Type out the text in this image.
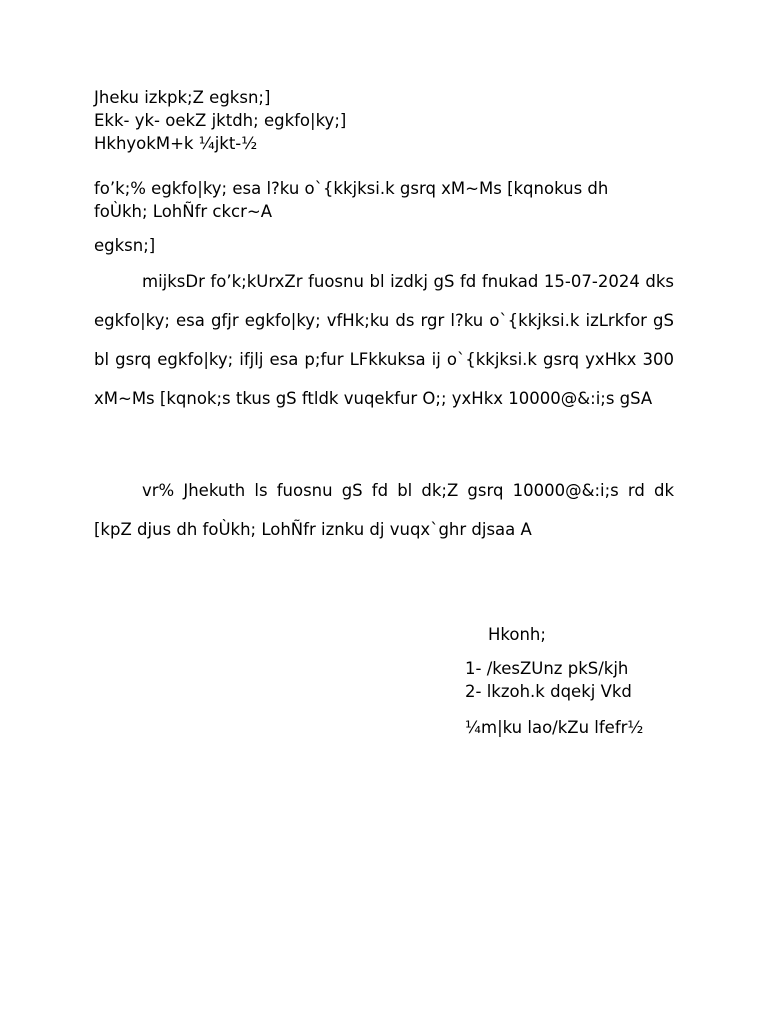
Jheku izkpk;Z egksn;]
Ekk- yk- oekZ jktdh; egkfo|ky;]
HkhyokM+k ¼jkt-½
fo’k;% egkfo|ky; esa l?ku o`{kkjksi.k gsrq xM~Ms [kqnokus dh
foÙkh; LohÑfr ckcr~A
egksn;]
mijksDr fo’k;kUrxZr fuosnu bl izdkj gS fd fnukad 15-07-2024 dks egkfo|ky; esa gfjr egkfo|ky; vfHk;ku ds rgr l?ku o`{kkjksi.k izLrkfor gS bl gsrq egkfo|ky; ifjlj esa p;fur LFkkuksa ij o`{kkjksi.k gsrq yxHkx 300 xM~Ms [kqnok;s tkus gS ftldk vuqekfur O;; yxHkx 10000@&:i;s gSA
vr% Jhekuth ls fuosnu gS fd bl dk;Z gsrq 10000@&:i;s rd dk [kpZ djus dh foÙkh; LohÑfr iznku dj vuqx`ghr djsaa A
Hkonh;
1- /kesZUnz pkS/kjh
2- lkzoh.k dqekj Vkd
¼m|ku lao/kZu lfefr½
